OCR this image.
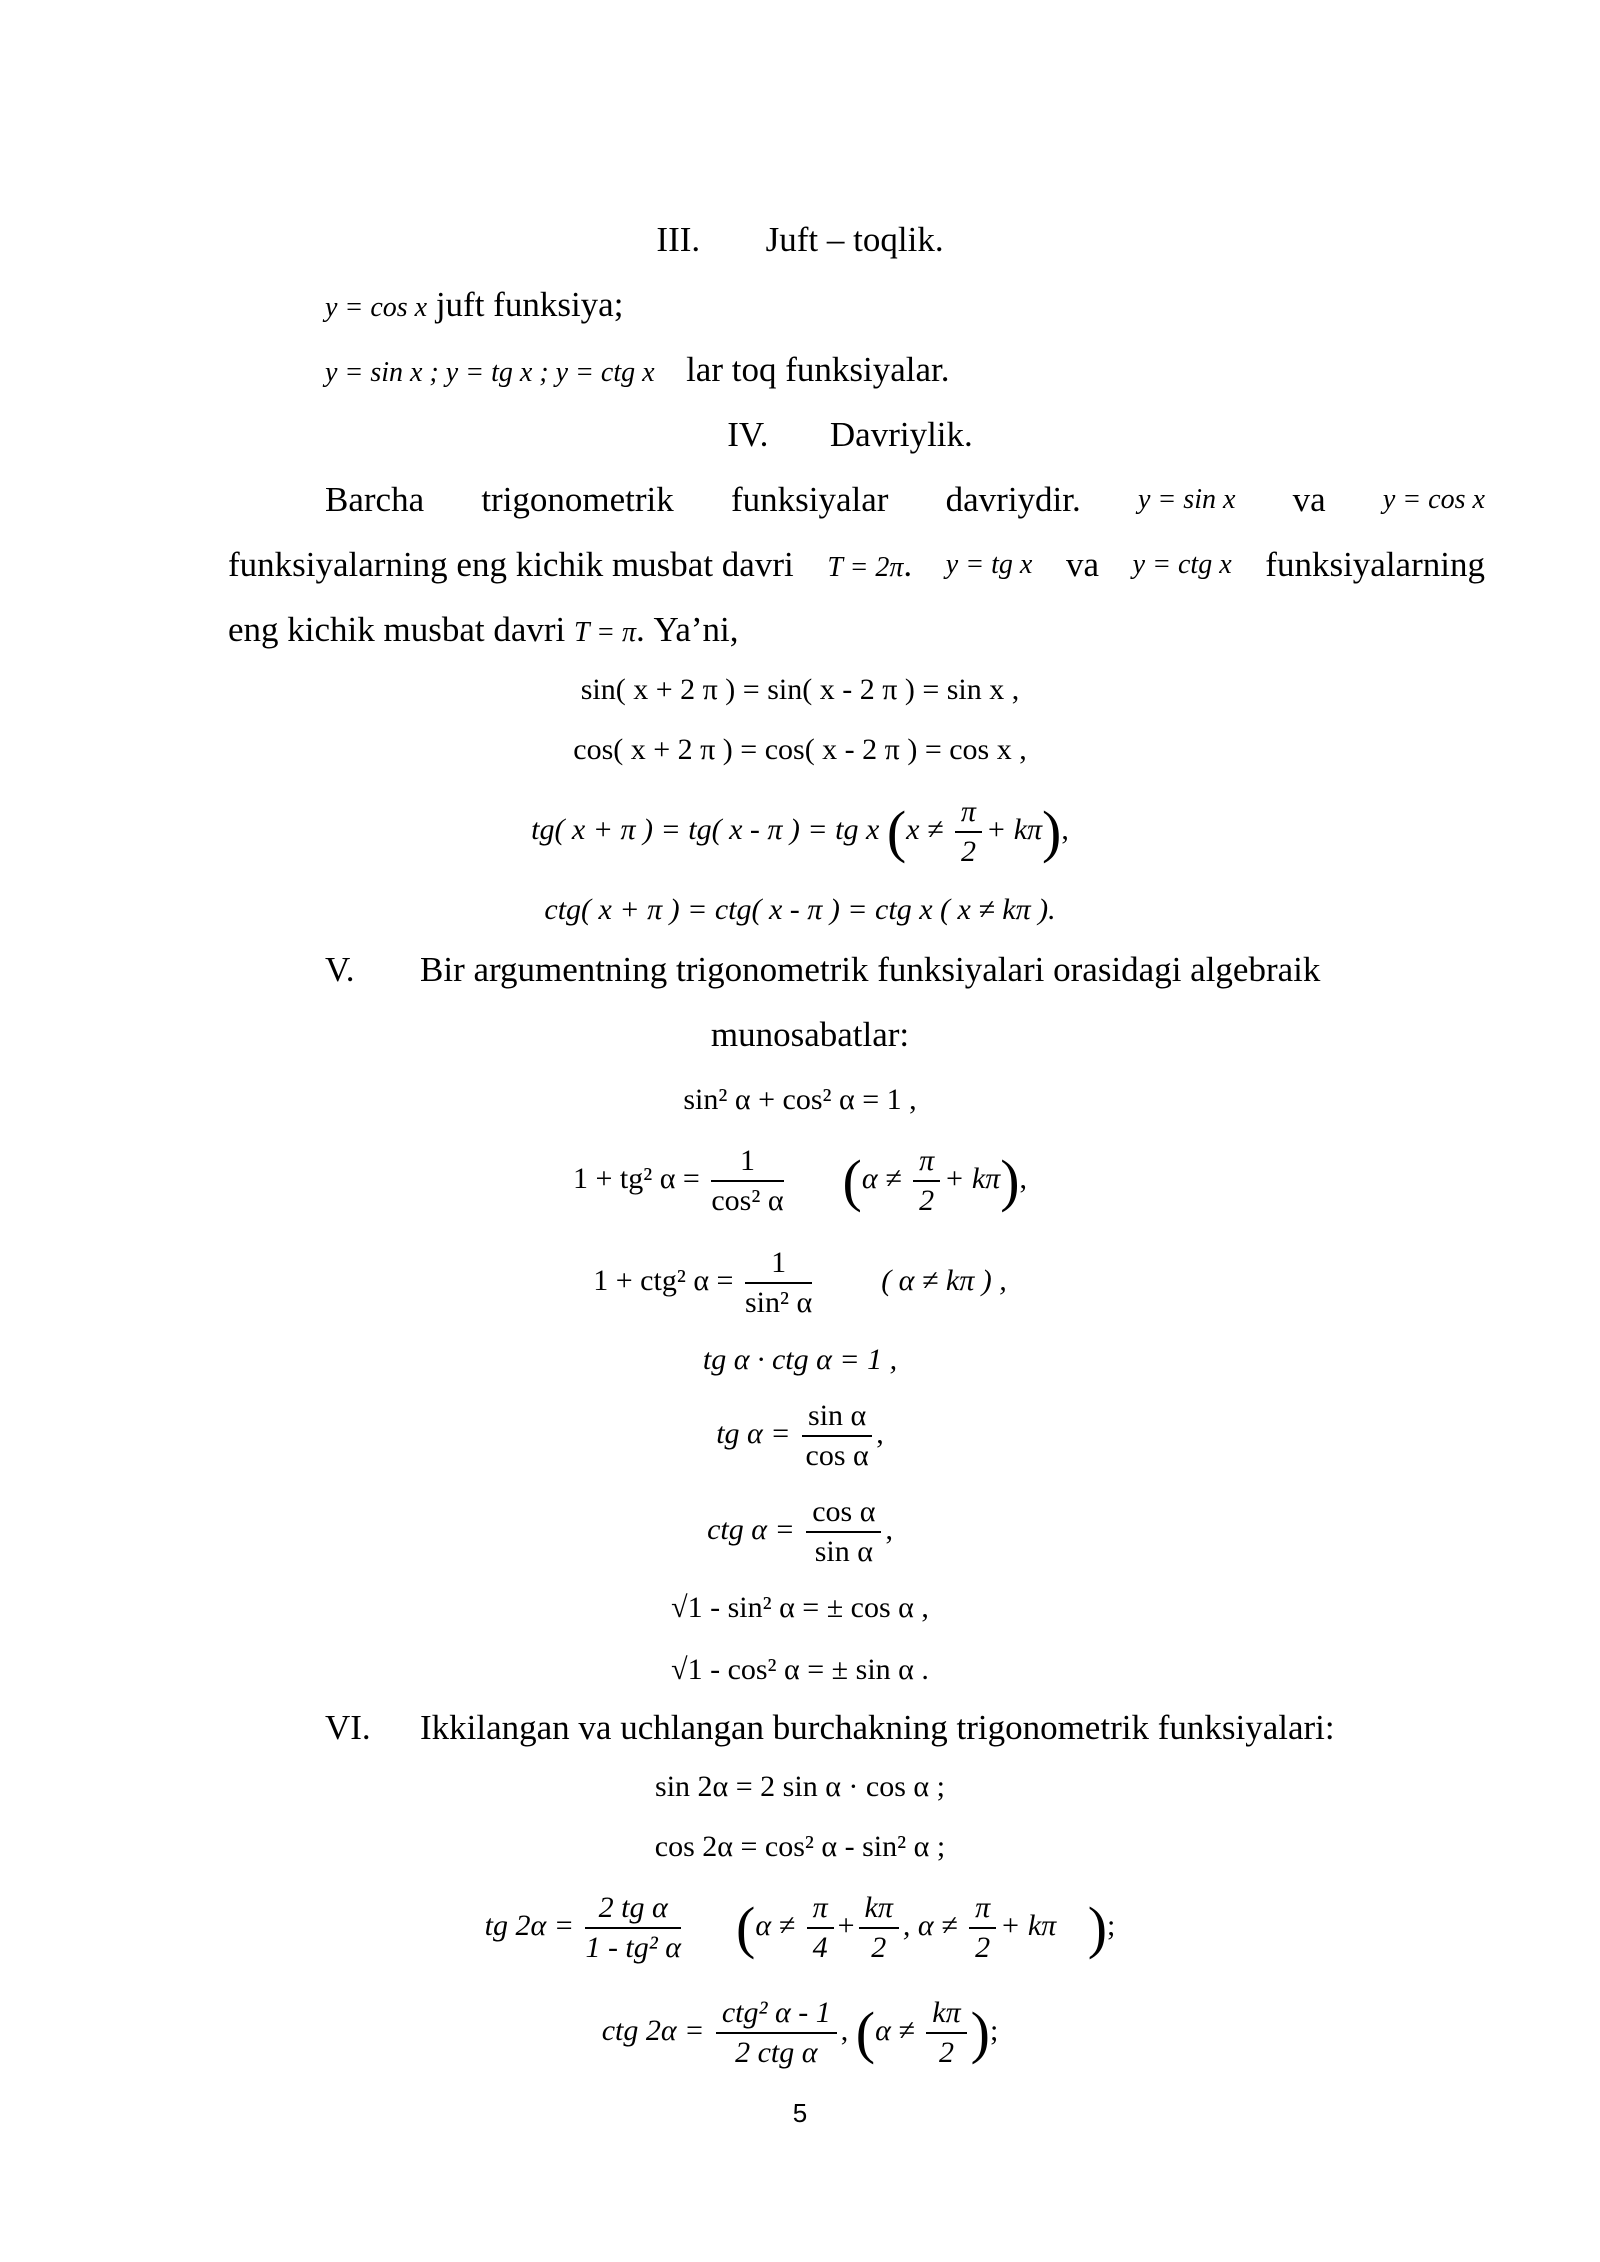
III. Juft – toqlik.
y = cos x juft funksiya;
y = sin x ; y = tg x ; y = ctg x lar toq funksiyalar.
IV. Davriylik.
Barcha trigonometrik funksiyalar davriydir. y = sin x va y = cos x
funksiyalarning eng kichik musbat davri T = 2π. y = tg x va y = ctg x funksiyalarning
eng kichik musbat davri T = π. Ya’ni,
sin( x + 2 π ) = sin( x - 2 π ) = sin x ,
cos( x + 2 π ) = cos( x - 2 π ) = cos x ,
tg( x + π ) = tg( x - π ) = tg x $(x \ne \frac{\pi}{2} + k\pi)$,
ctg( x + π ) = ctg( x - π ) = ctg x ( x ≠ kπ ).
V. Bir argumentning trigonometrik funksiyalari orasidagi algebraik
munosabatlar:
sin² α + cos² α = 1 ,
1 + tg² $\alpha = \frac{1}{\text{cos² α}} (\alpha \ne \frac{\pi}{2} + k\pi)$,
1 + ctg² $\alpha = \frac{1}{\text{sin² α}}$ ( α ≠ kπ ) ,
tg α · ctg α = 1 ,
tg $\alpha = \frac{\text{sin α}}{\text{cos α}}$ ,
ctg $\alpha = \frac{\text{cos α}}{\text{sin α}}$ ,
√1 - sin² α = ± cos α ,
√1 - cos² α = ± sin α .
VI. Ikkilangan va uchlangan burchakning trigonometrik funksiyalari:
sin 2α = 2 sin α · cos α ;
cos 2α = cos² α - sin² α ;
tg $2\alpha = \frac{\text{2 tg α}}{\text{1 - tg² α}} (\alpha \ne \frac{\pi}{4} + \frac{k\pi}{2}$ , $\alpha \ne \frac{\pi}{2} + k\pi$ );
ctg $2\alpha = \frac{\text{ctg² α - 1}}{\text{2 ctg α}}$ , ($\alpha \ne \frac{k\pi}{2}$ );
5
